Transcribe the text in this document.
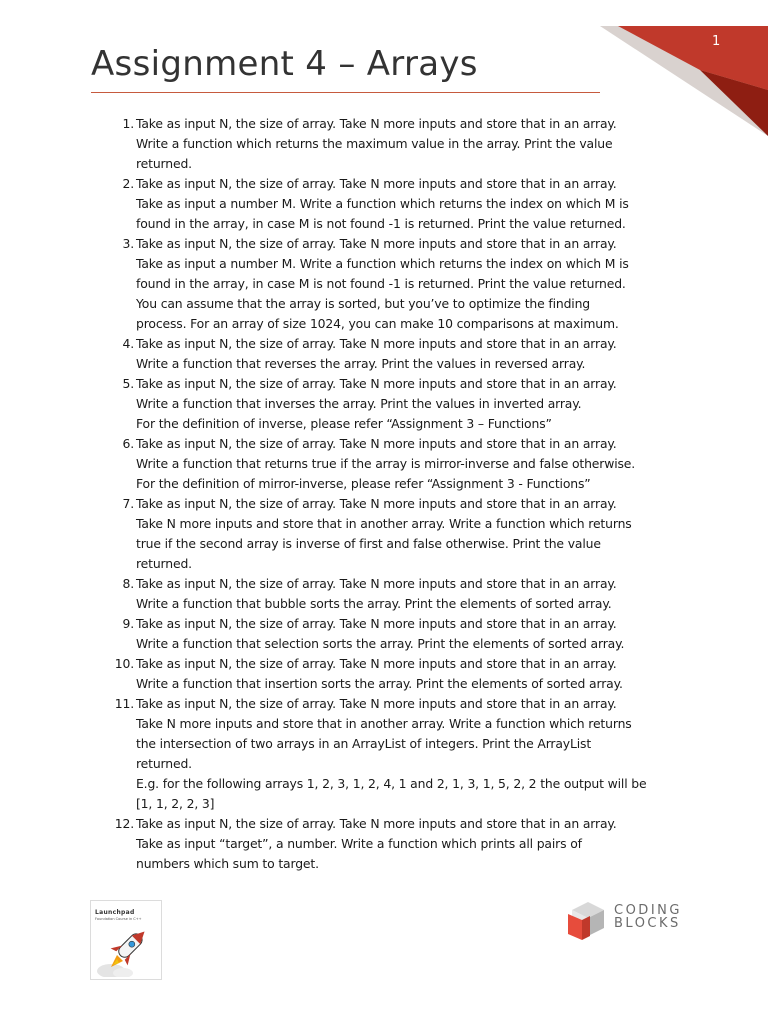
1
Assignment 4 – Arrays
1. Take as input N, the size of array. Take N more inputs and store that in an array.
Write a function which returns the maximum value in the array. Print the value
returned.
2. Take as input N, the size of array. Take N more inputs and store that in an array.
Take as input a number M. Write a function which returns the index on which M is
found in the array, in case M is not found -1 is returned. Print the value returned.
3. Take as input N, the size of array. Take N more inputs and store that in an array.
Take as input a number M. Write a function which returns the index on which M is
found in the array, in case M is not found -1 is returned. Print the value returned.
You can assume that the array is sorted, but you’ve to optimize the finding
process. For an array of size 1024, you can make 10 comparisons at maximum.
4. Take as input N, the size of array. Take N more inputs and store that in an array.
Write a function that reverses the array. Print the values in reversed array.
5. Take as input N, the size of array. Take N more inputs and store that in an array.
Write a function that inverses the array. Print the values in inverted array.
For the definition of inverse, please refer “Assignment 3 – Functions”
6. Take as input N, the size of array. Take N more inputs and store that in an array.
Write a function that returns true if the array is mirror-inverse and false otherwise.
For the definition of mirror-inverse, please refer “Assignment 3 - Functions”
7. Take as input N, the size of array. Take N more inputs and store that in an array.
Take N more inputs and store that in another array. Write a function which returns
true if the second array is inverse of first and false otherwise. Print the value
returned.
8. Take as input N, the size of array. Take N more inputs and store that in an array.
Write a function that bubble sorts the array. Print the elements of sorted array.
9. Take as input N, the size of array. Take N more inputs and store that in an array.
Write a function that selection sorts the array. Print the elements of sorted array.
10. Take as input N, the size of array. Take N more inputs and store that in an array.
Write a function that insertion sorts the array. Print the elements of sorted array.
11. Take as input N, the size of array. Take N more inputs and store that in an array.
Take N more inputs and store that in another array. Write a function which returns
the intersection of two arrays in an ArrayList of integers. Print the ArrayList
returned.
E.g. for the following arrays 1, 2, 3, 1, 2, 4, 1 and 2, 1, 3, 1, 5, 2, 2 the output will be
[1, 1, 2, 2, 3]
12. Take as input N, the size of array. Take N more inputs and store that in an array.
Take as input “target”, a number. Write a function which prints all pairs of
numbers which sum to target.
Launchpad
Foundation Course in C++
CODING
BLOCKS
